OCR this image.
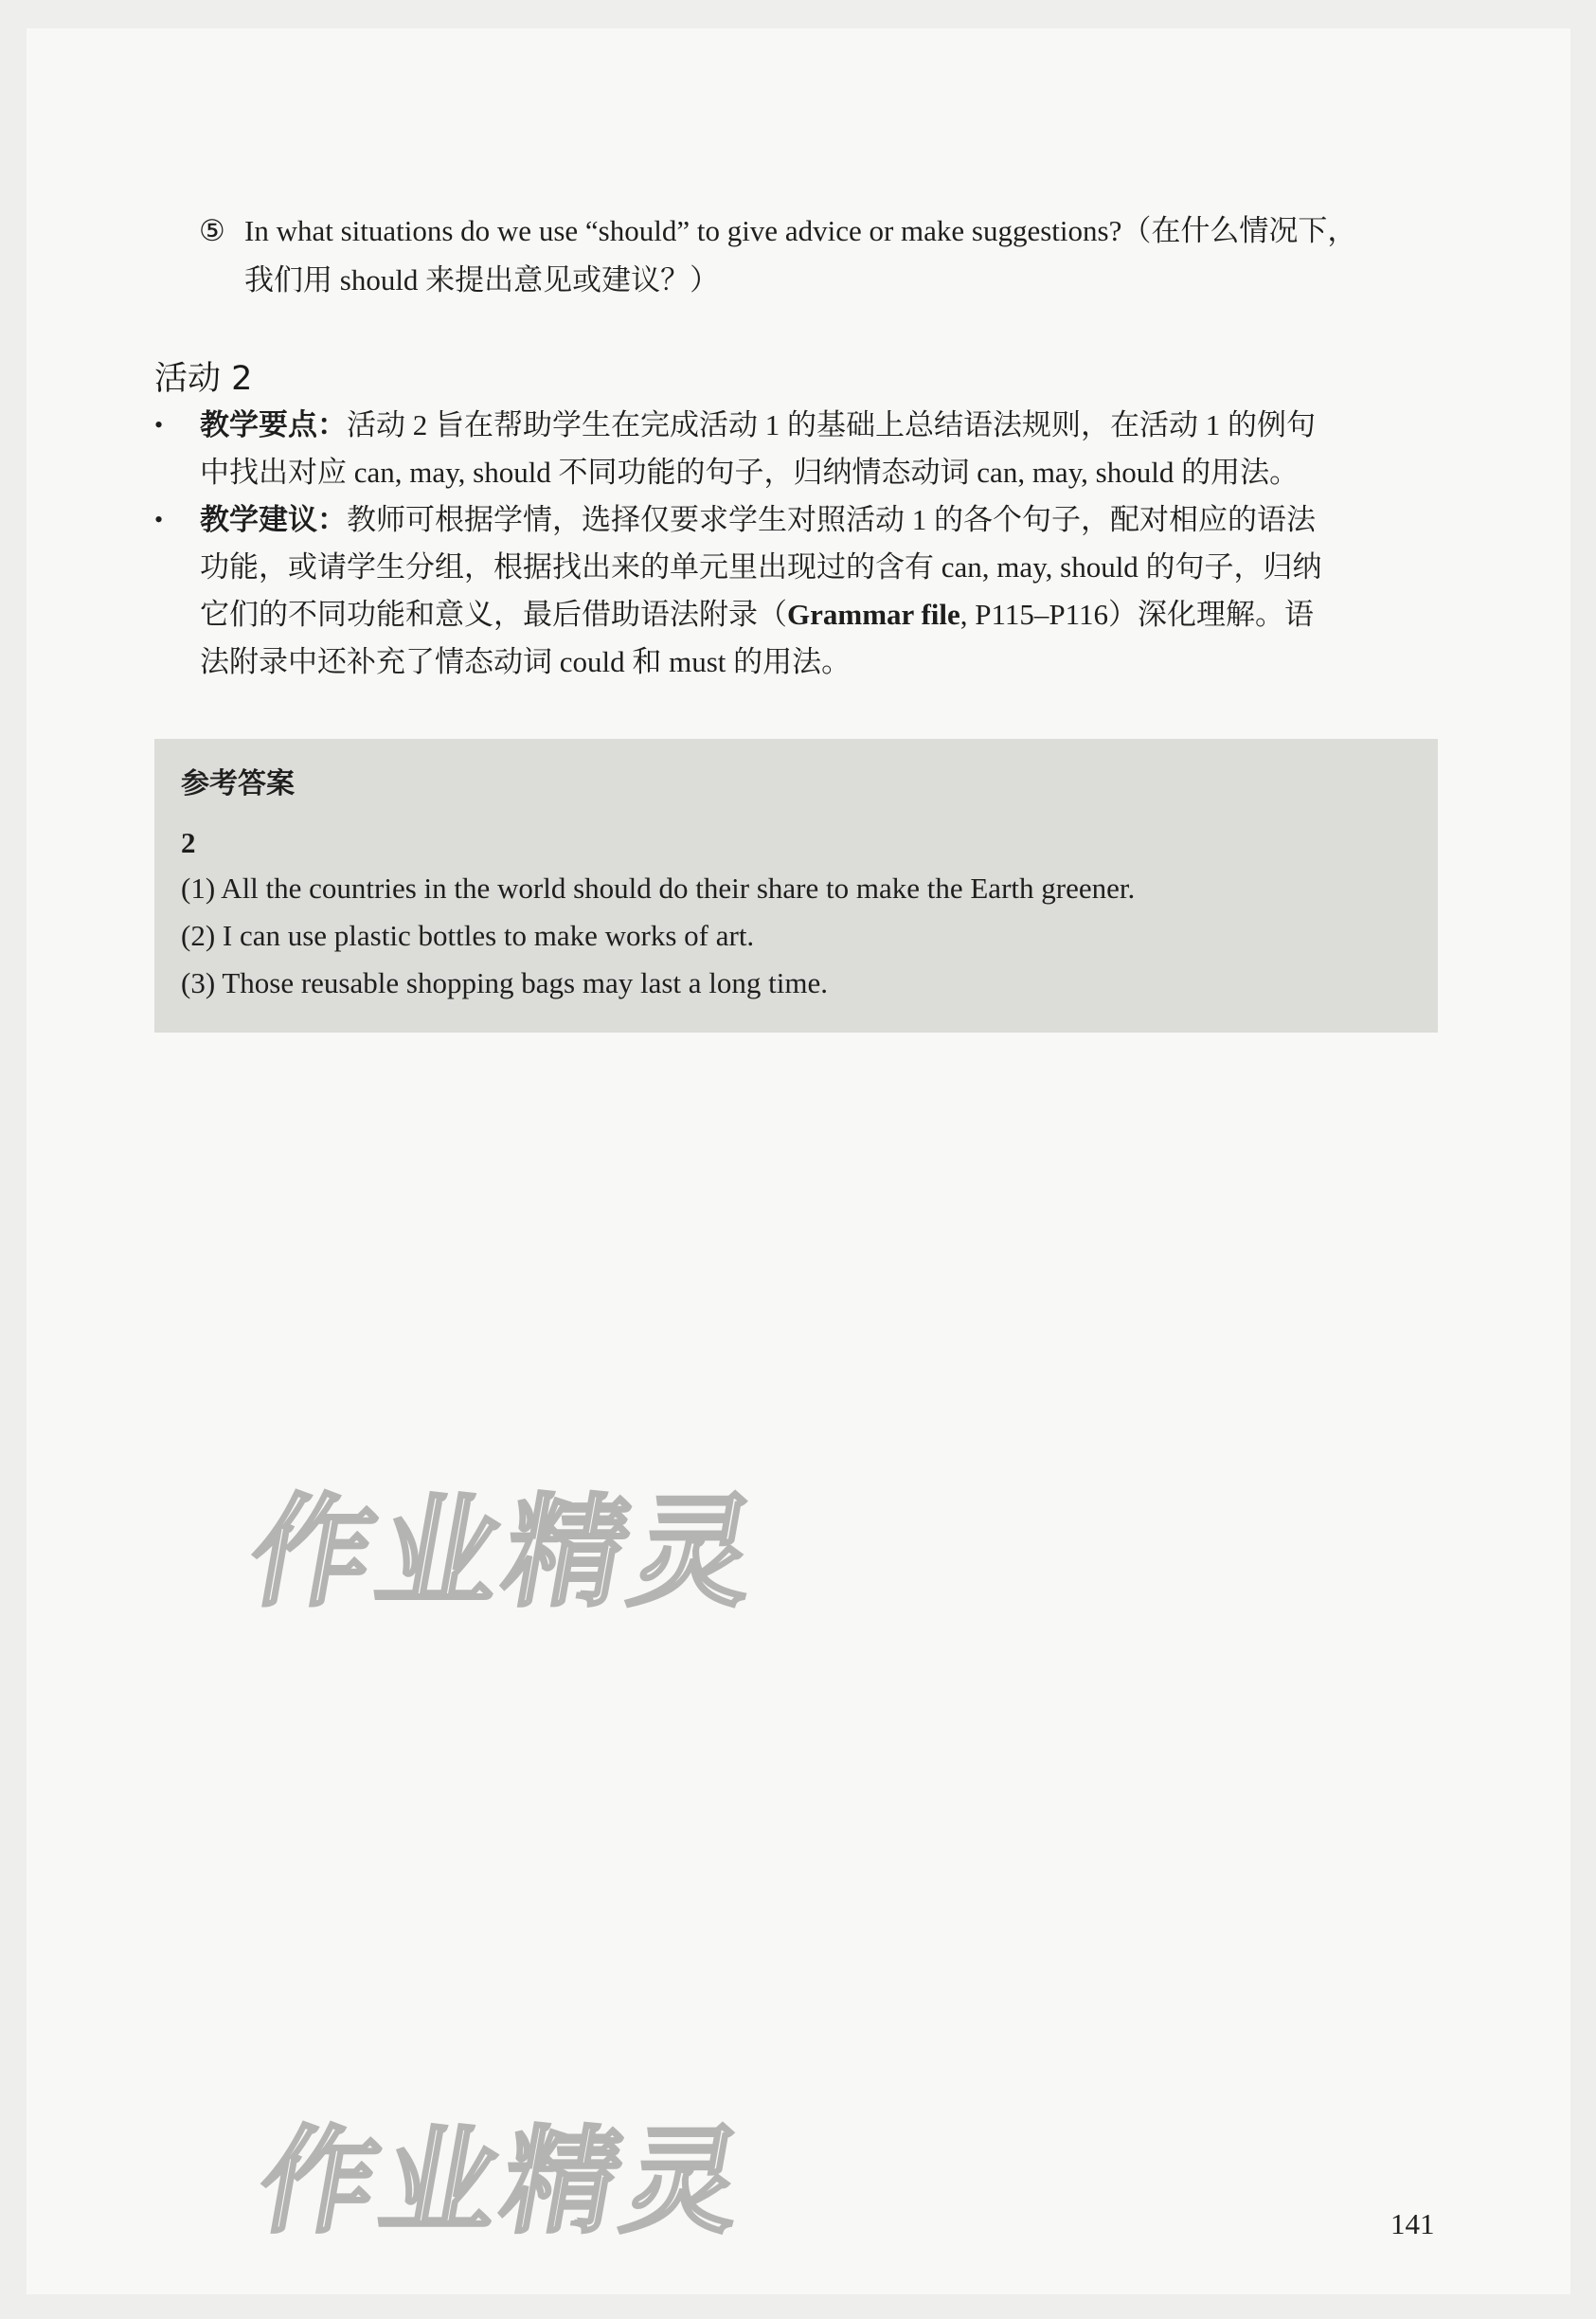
⑤ In what situations do we use “should” to give advice or make suggestions?（在什么情况下，
我们用 should 来提出意见或建议？）
活动 2
• 教学要点：活动 2 旨在帮助学生在完成活动 1 的基础上总结语法规则，在活动 1 的例句
中找出对应 can, may, should 不同功能的句子，归纳情态动词 can, may, should 的用法。
• 教学建议：教师可根据学情，选择仅要求学生对照活动 1 的各个句子，配对相应的语法
功能，或请学生分组，根据找出来的单元里出现过的含有 can, may, should 的句子，归纳
它们的不同功能和意义，最后借助语法附录（Grammar file, P115–P116）深化理解。语
法附录中还补充了情态动词 could 和 must 的用法。
参考答案
2
(1) All the countries in the world should do their share to make the Earth greener.
(2) I can use plastic bottles to make works of art.
(3) Those reusable shopping bags may last a long time.
作业精灵
作业精灵	141
